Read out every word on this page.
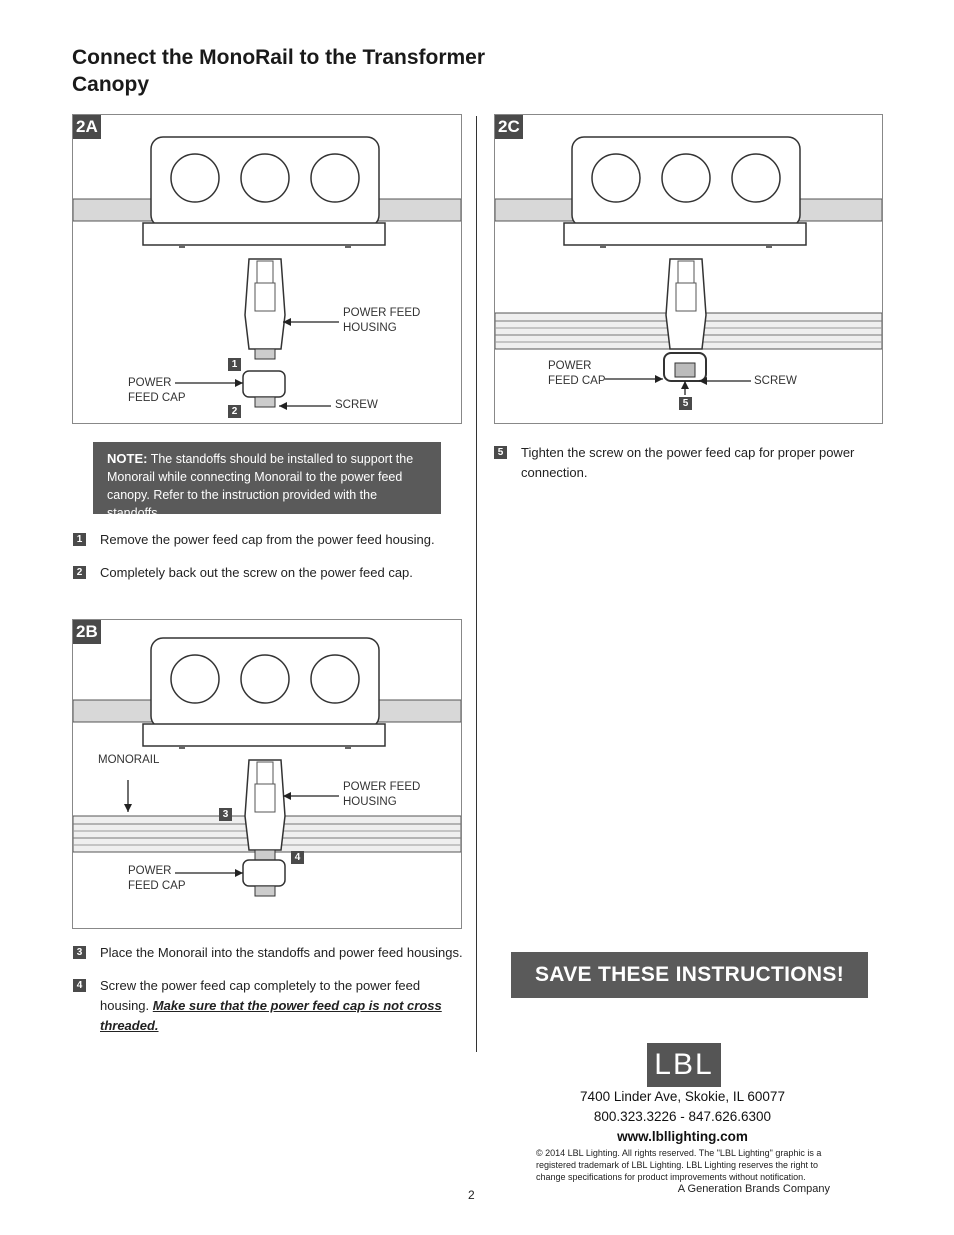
Connect the MonoRail to the Transformer Canopy
2A
POWER FEED HOUSING
POWER FEED CAP
SCREW
1
2
NOTE: The standoffs should be installed to support the Monorail while connecting Monorail to the power feed canopy. Refer to the instruction provided with the standoffs.
1 Remove the power feed cap from the power feed housing.
2 Completely back out the screw on the power feed cap.
2B
MONORAIL
POWER FEED HOUSING
POWER FEED CAP
3
4
3 Place the Monorail into the standoffs and power feed housings.
4 Screw the power feed cap completely to the power feed housing. Make sure that the power feed cap is not cross threaded.
2C
POWER FEED CAP	SCREW
5
5 Tighten the screw on the power feed cap for proper power connection.
SAVE THESE INSTRUCTIONS!
LBL
7400 Linder Ave, Skokie, IL 60077
800.323.3226 - 847.626.6300
www.lbllighting.com
© 2014 LBL Lighting. All rights reserved. The "LBL Lighting" graphic is a registered trademark of LBL Lighting. LBL Lighting reserves the right to change specifications for product improvements without notification.
A Generation Brands Company
2
